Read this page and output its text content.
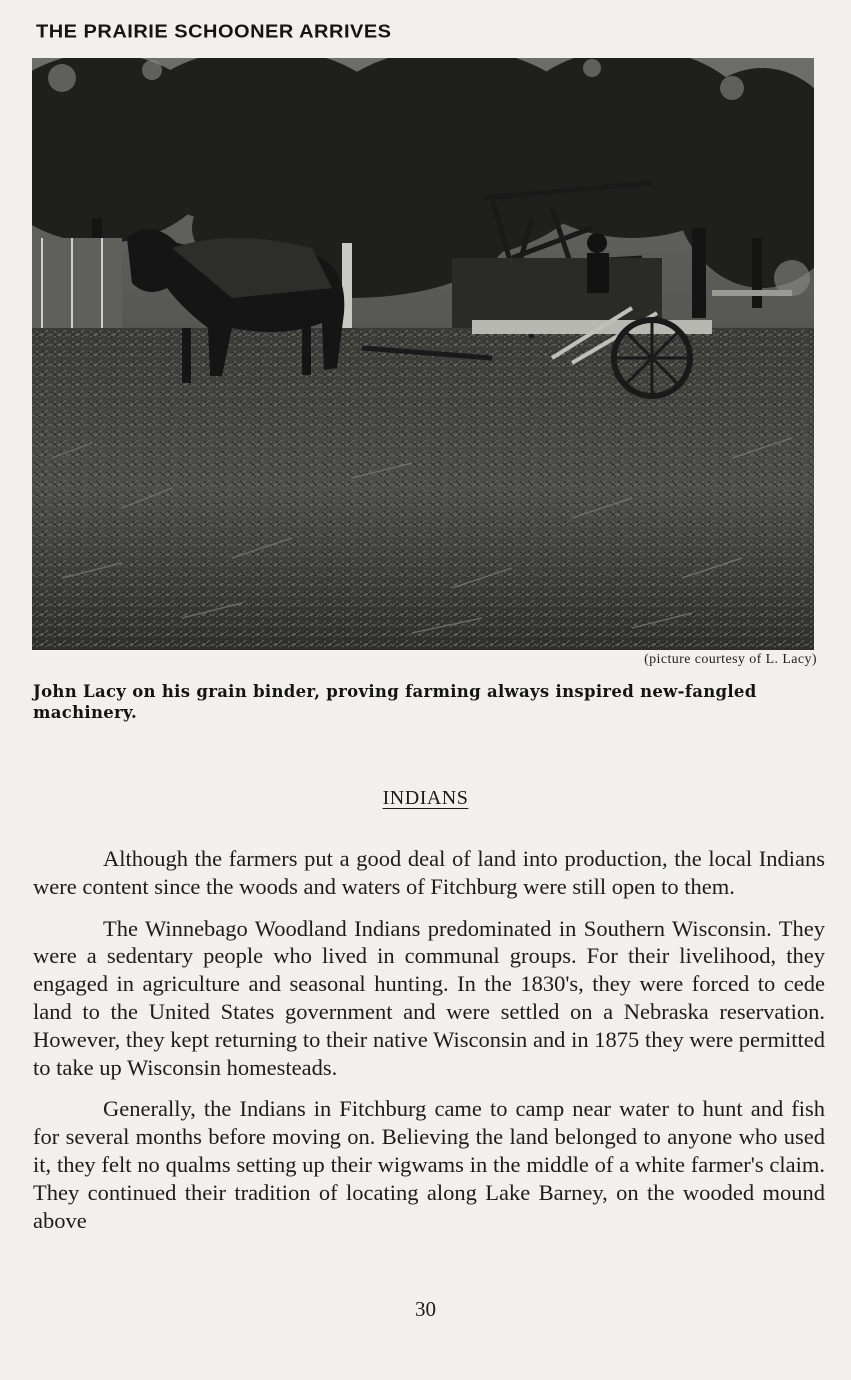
THE PRAIRIE SCHOONER ARRIVES
(picture courtesy of L. Lacy)
John Lacy on his grain binder, proving farming always inspired new-fangled machinery.
INDIANS

Although the farmers put a good deal of land into production, the local Indians were content since the woods and waters of Fitchburg were still open to them.

The Winnebago Woodland Indians predominated in Southern Wisconsin. They were a sedentary people who lived in communal groups. For their livelihood, they engaged in agriculture and seasonal hunting. In the 1830's, they were forced to cede land to the United States government and were settled on a Nebraska reservation. However, they kept returning to their native Wisconsin and in 1875 they were permitted to take up Wisconsin homesteads.

Generally, the Indians in Fitchburg came to camp near water to hunt and fish for several months before moving on. Believing the land belonged to anyone who used it, they felt no qualms setting up their wigwams in the middle of a white farmer's claim. They continued their tradition of locating along Lake Barney, on the wooded mound above

30
